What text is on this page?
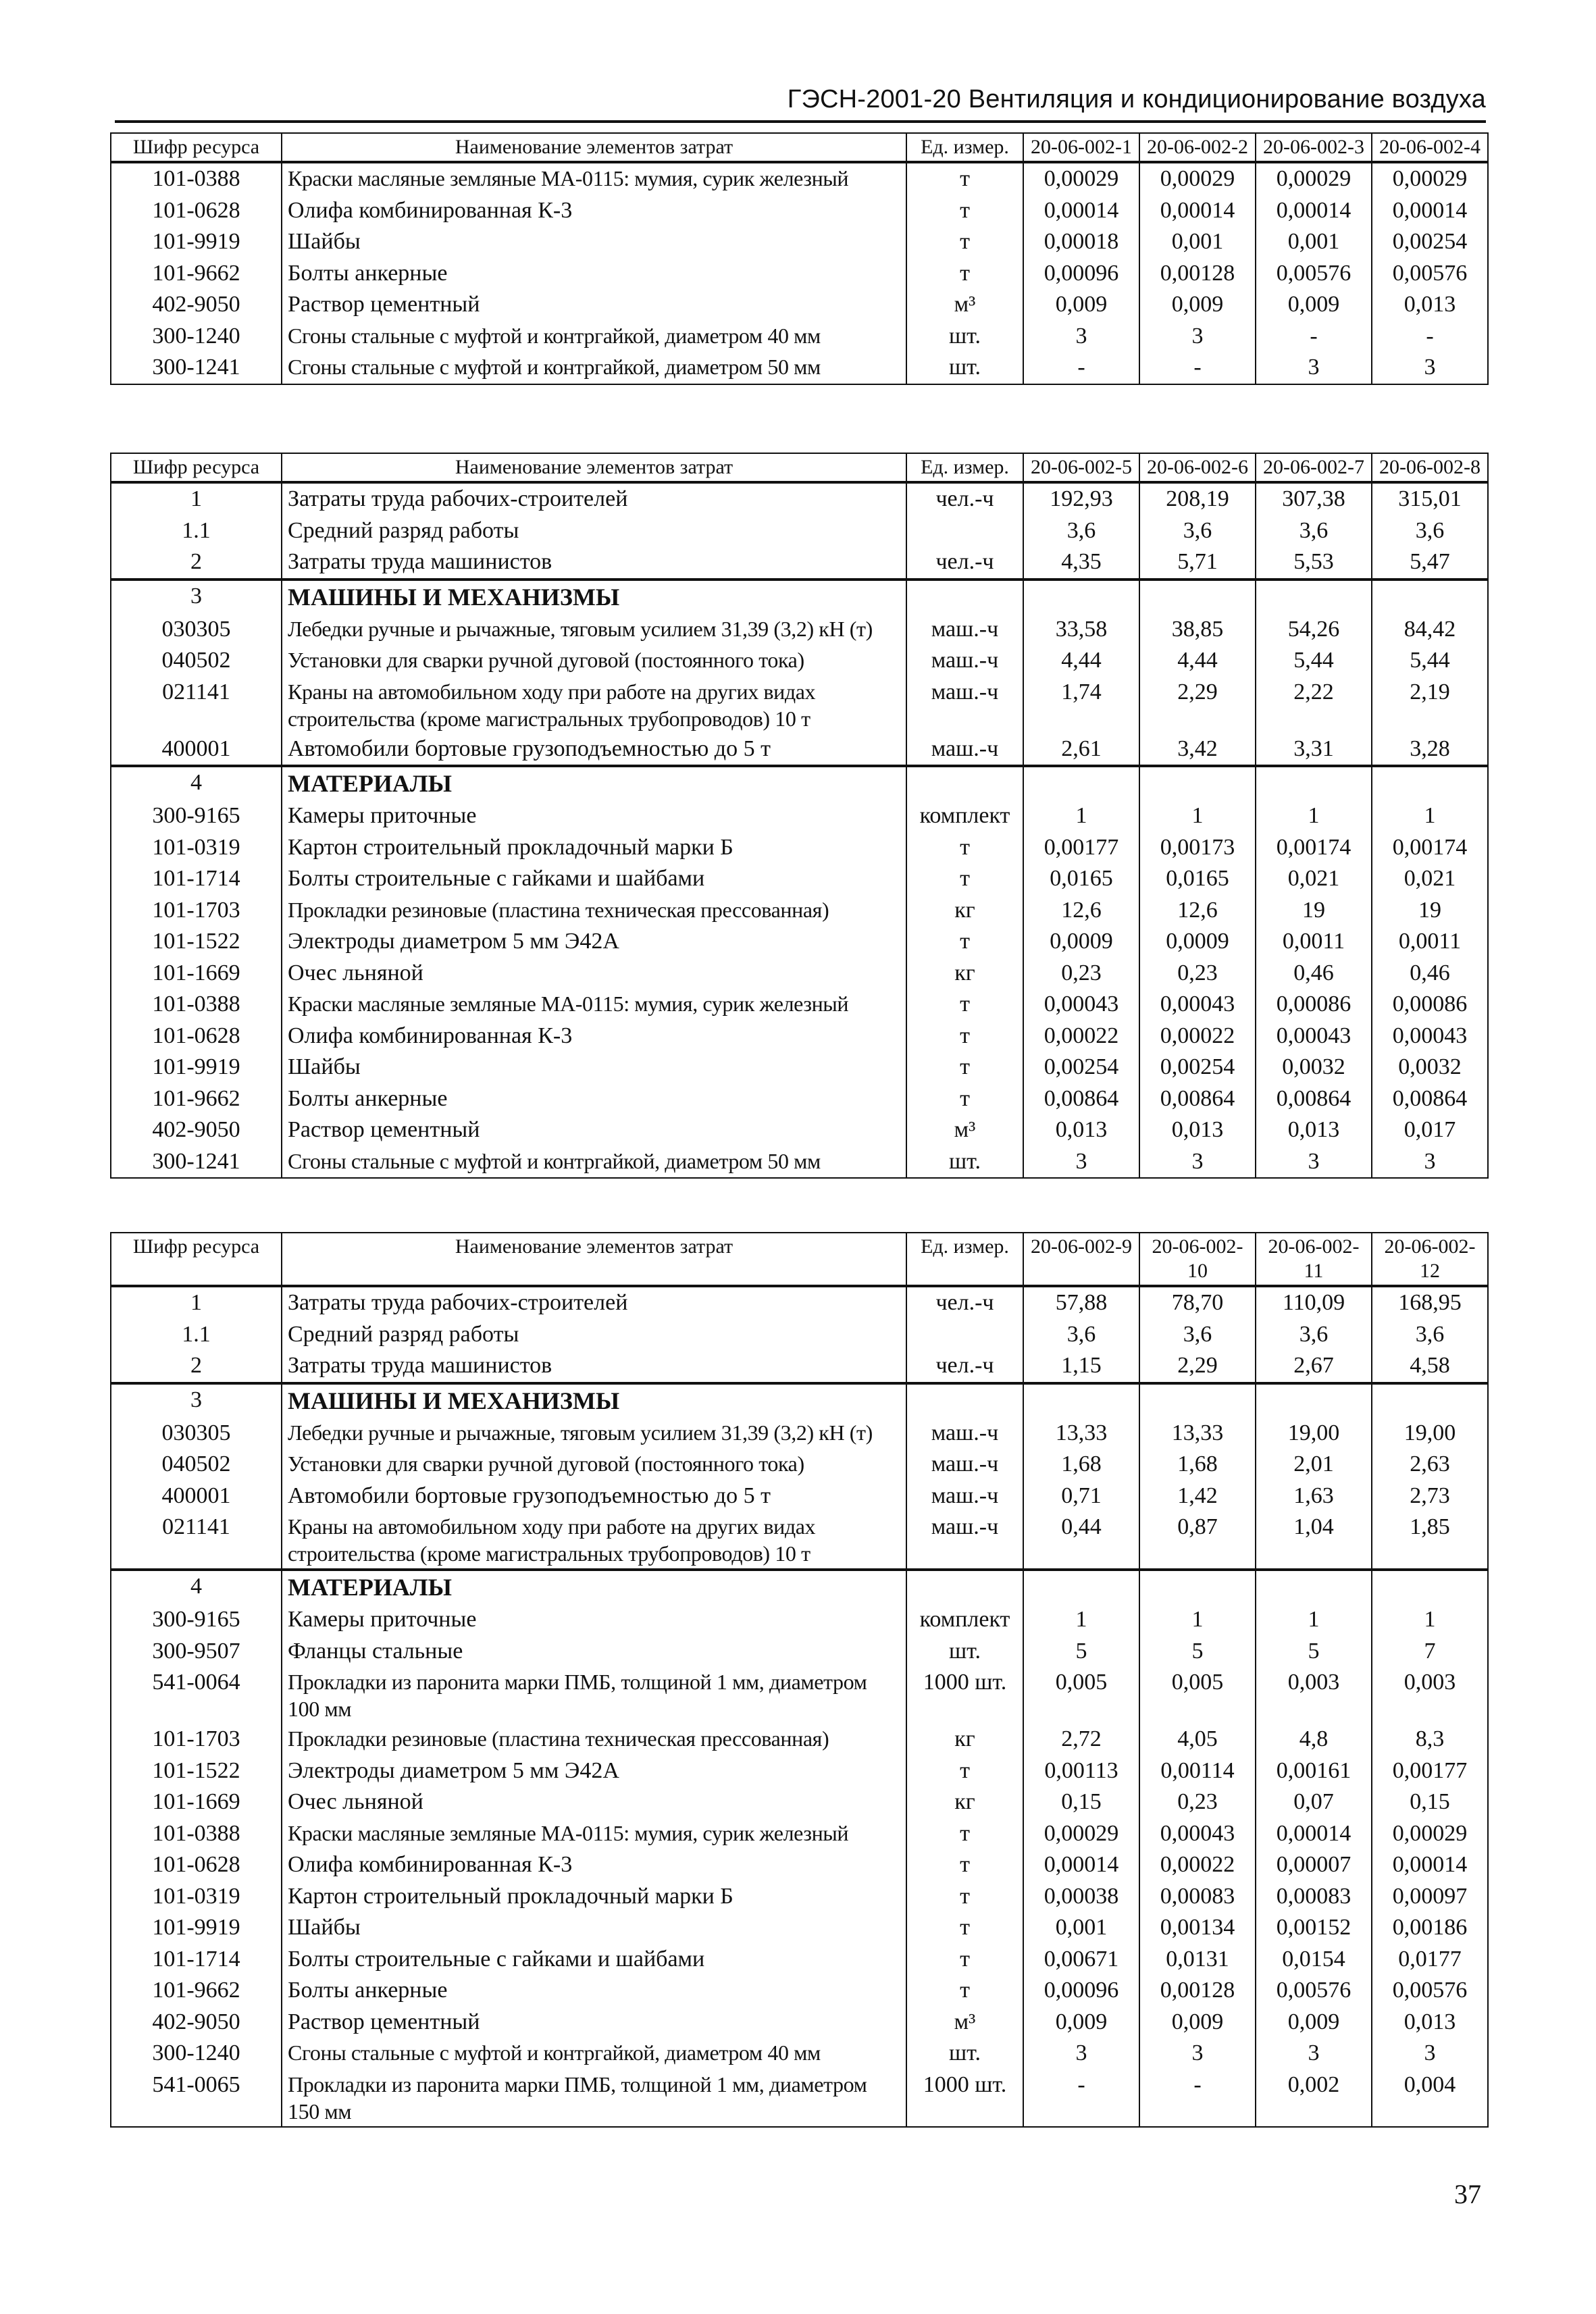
ГЭСН-2001-20 Вентиляция и кондиционирование воздуха
Шифр ресурса	Наименование элементов затрат	Ед. измер.	20-06-002-1	20-06-002-2	20-06-002-3	20-06-002-4
101-0388	Краски масляные земляные МА-0115: мумия, сурик железный	т	0,00029	0,00029	0,00029	0,00029
101-0628	Олифа комбинированная К-3	т	0,00014	0,00014	0,00014	0,00014
101-9919	Шайбы	т	0,00018	0,001	0,001	0,00254
101-9662	Болты анкерные	т	0,00096	0,00128	0,00576	0,00576
402-9050	Раствор цементный	м³	0,009	0,009	0,009	0,013
300-1240	Сгоны стальные с муфтой и контргайкой, диаметром 40 мм	шт.	3	3	-	-
300-1241	Сгоны стальные с муфтой и контргайкой, диаметром 50 мм	шт.	-	-	3	3
Шифр ресурса	Наименование элементов затрат	Ед. измер.	20-06-002-5	20-06-002-6	20-06-002-7	20-06-002-8
1	Затраты труда рабочих-строителей	чел.-ч	192,93	208,19	307,38	315,01
1.1	Средний разряд работы		3,6	3,6	3,6	3,6
2	Затраты труда машинистов	чел.-ч	4,35	5,71	5,53	5,47
3	МАШИНЫ И МЕХАНИЗМЫ					
030305	Лебедки ручные и рычажные, тяговым усилием 31,39 (3,2) кН (т)	маш.-ч	33,58	38,85	54,26	84,42
040502	Установки для сварки ручной дуговой (постоянного тока)	маш.-ч	4,44	4,44	5,44	5,44
021141	Краны на автомобильном ходу при работе на других видах строительства (кроме магистральных трубопроводов) 10 т	маш.-ч	1,74	2,29	2,22	2,19
400001	Автомобили бортовые грузоподъемностью до 5 т	маш.-ч	2,61	3,42	3,31	3,28
4	МАТЕРИАЛЫ					
300-9165	Камеры приточные	комплект	1	1	1	1
101-0319	Картон строительный прокладочный марки Б	т	0,00177	0,00173	0,00174	0,00174
101-1714	Болты строительные с гайками и шайбами	т	0,0165	0,0165	0,021	0,021
101-1703	Прокладки резиновые (пластина техническая прессованная)	кг	12,6	12,6	19	19
101-1522	Электроды диаметром 5 мм Э42А	т	0,0009	0,0009	0,0011	0,0011
101-1669	Очес льняной	кг	0,23	0,23	0,46	0,46
101-0388	Краски масляные земляные МА-0115: мумия, сурик железный	т	0,00043	0,00043	0,00086	0,00086
101-0628	Олифа комбинированная К-3	т	0,00022	0,00022	0,00043	0,00043
101-9919	Шайбы	т	0,00254	0,00254	0,0032	0,0032
101-9662	Болты анкерные	т	0,00864	0,00864	0,00864	0,00864
402-9050	Раствор цементный	м³	0,013	0,013	0,013	0,017
300-1241	Сгоны стальные с муфтой и контргайкой, диаметром 50 мм	шт.	3	3	3	3
Шифр ресурса	Наименование элементов затрат	Ед. измер.	20-06-002-9	20-06-002-10	20-06-002-11	20-06-002-12
1	Затраты труда рабочих-строителей	чел.-ч	57,88	78,70	110,09	168,95
1.1	Средний разряд работы		3,6	3,6	3,6	3,6
2	Затраты труда машинистов	чел.-ч	1,15	2,29	2,67	4,58
3	МАШИНЫ И МЕХАНИЗМЫ					
030305	Лебедки ручные и рычажные, тяговым усилием 31,39 (3,2) кН (т)	маш.-ч	13,33	13,33	19,00	19,00
040502	Установки для сварки ручной дуговой (постоянного тока)	маш.-ч	1,68	1,68	2,01	2,63
400001	Автомобили бортовые грузоподъемностью до 5 т	маш.-ч	0,71	1,42	1,63	2,73
021141	Краны на автомобильном ходу при работе на других видах строительства (кроме магистральных трубопроводов) 10 т	маш.-ч	0,44	0,87	1,04	1,85
4	МАТЕРИАЛЫ					
300-9165	Камеры приточные	комплект	1	1	1	1
300-9507	Фланцы стальные	шт.	5	5	5	7
541-0064	Прокладки из паронита марки ПМБ, толщиной 1 мм, диаметром 100 мм	1000 шт.	0,005	0,005	0,003	0,003
101-1703	Прокладки резиновые (пластина техническая прессованная)	кг	2,72	4,05	4,8	8,3
101-1522	Электроды диаметром 5 мм Э42А	т	0,00113	0,00114	0,00161	0,00177
101-1669	Очес льняной	кг	0,15	0,23	0,07	0,15
101-0388	Краски масляные земляные МА-0115: мумия, сурик железный	т	0,00029	0,00043	0,00014	0,00029
101-0628	Олифа комбинированная К-3	т	0,00014	0,00022	0,00007	0,00014
101-0319	Картон строительный прокладочный марки Б	т	0,00038	0,00083	0,00083	0,00097
101-9919	Шайбы	т	0,001	0,00134	0,00152	0,00186
101-1714	Болты строительные с гайками и шайбами	т	0,00671	0,0131	0,0154	0,0177
101-9662	Болты анкерные	т	0,00096	0,00128	0,00576	0,00576
402-9050	Раствор цементный	м³	0,009	0,009	0,009	0,013
300-1240	Сгоны стальные с муфтой и контргайкой, диаметром 40 мм	шт.	3	3	3	3
541-0065	Прокладки из паронита марки ПМБ, толщиной 1 мм, диаметром 150 мм	1000 шт.	-	-	0,002	0,004
37
